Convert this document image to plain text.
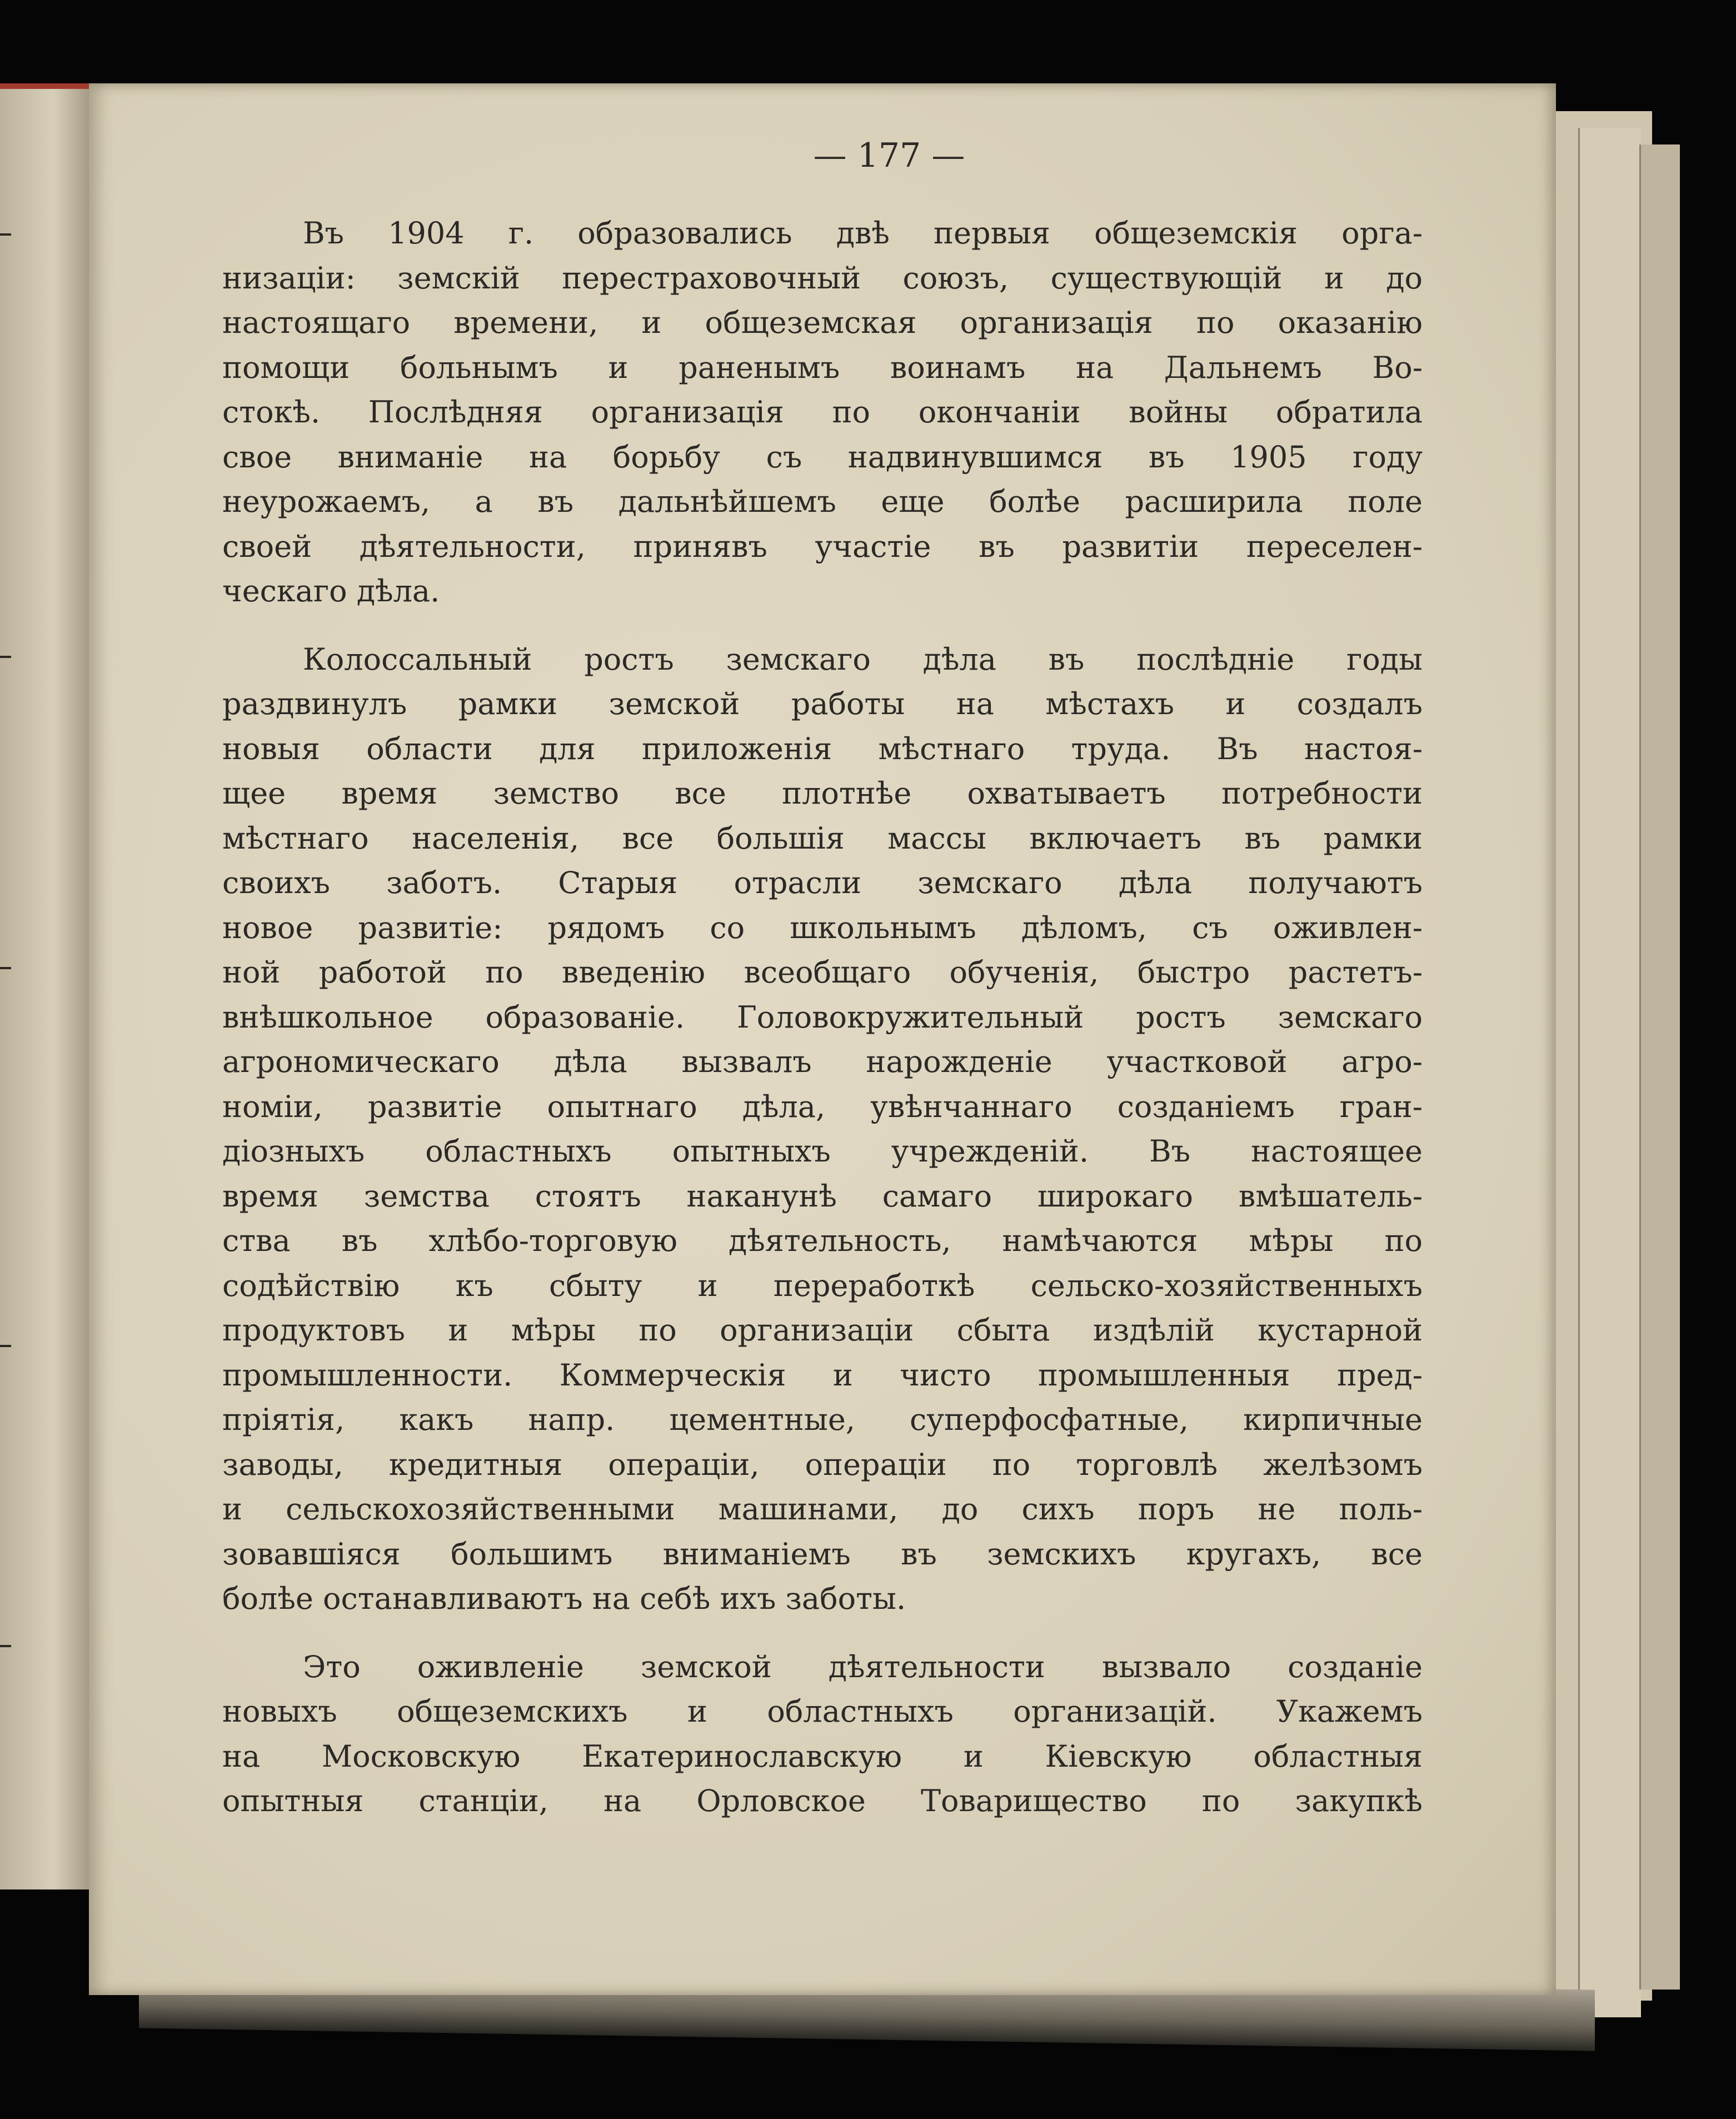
— 177 —
Въ 1904 г. образовались двѣ первыя общеземскія орга-
низаціи: земскій перестраховочный союзъ, существующій и до
настоящаго времени, и общеземская организація по оказанію
помощи больнымъ и раненымъ воинамъ на Дальнемъ Во-
стокѣ. Послѣдняя организація по окончаніи войны обратила
свое вниманіе на борьбу съ надвинувшимся въ 1905 году
неурожаемъ, а въ дальнѣйшемъ еще болѣе расширила поле
своей дѣятельности, принявъ участіе въ развитіи переселен-
ческаго дѣла.
Колоссальный ростъ земскаго дѣла въ послѣдніе годы
раздвинулъ рамки земской работы на мѣстахъ и создалъ
новыя области для приложенія мѣстнаго труда. Въ настоя-
щее время земство все плотнѣе охватываетъ потребности
мѣстнаго населенія, все большія массы включаетъ въ рамки
своихъ заботъ. Старыя отрасли земскаго дѣла получаютъ
новое развитіе: рядомъ со школьнымъ дѣломъ, съ оживлен-
ной работой по введенію всеобщаго обученія, быстро растетъ-
внѣшкольное образованіе. Головокружительный ростъ земскаго
агрономическаго дѣла вызвалъ нарожденіе участковой агро-
номіи, развитіе опытнаго дѣла, увѣнчаннаго созданіемъ гран-
діозныхъ областныхъ опытныхъ учрежденій. Въ настоящее
время земства стоятъ наканунѣ самаго широкаго вмѣшатель-
ства въ хлѣбо-торговую дѣятельность, намѣчаются мѣры по
содѣйствію къ сбыту и переработкѣ сельско-хозяйственныхъ
продуктовъ и мѣры по организаціи сбыта издѣлій кустарной
промышленности. Коммерческія и чисто промышленныя пред-
пріятія, какъ напр. цементные, суперфосфатные, кирпичные
заводы, кредитныя операціи, операціи по торговлѣ желѣзомъ
и сельскохозяйственными машинами, до сихъ поръ не поль-
зовавшіяся большимъ вниманіемъ въ земскихъ кругахъ, все
болѣе останавливаютъ на себѣ ихъ заботы.
Это оживленіе земской дѣятельности вызвало созданіе
новыхъ общеземскихъ и областныхъ организацій. Укажемъ
на Московскую Екатеринославскую и Кіевскую областныя
опытныя станціи, на Орловское Товарищество по закупкѣ
